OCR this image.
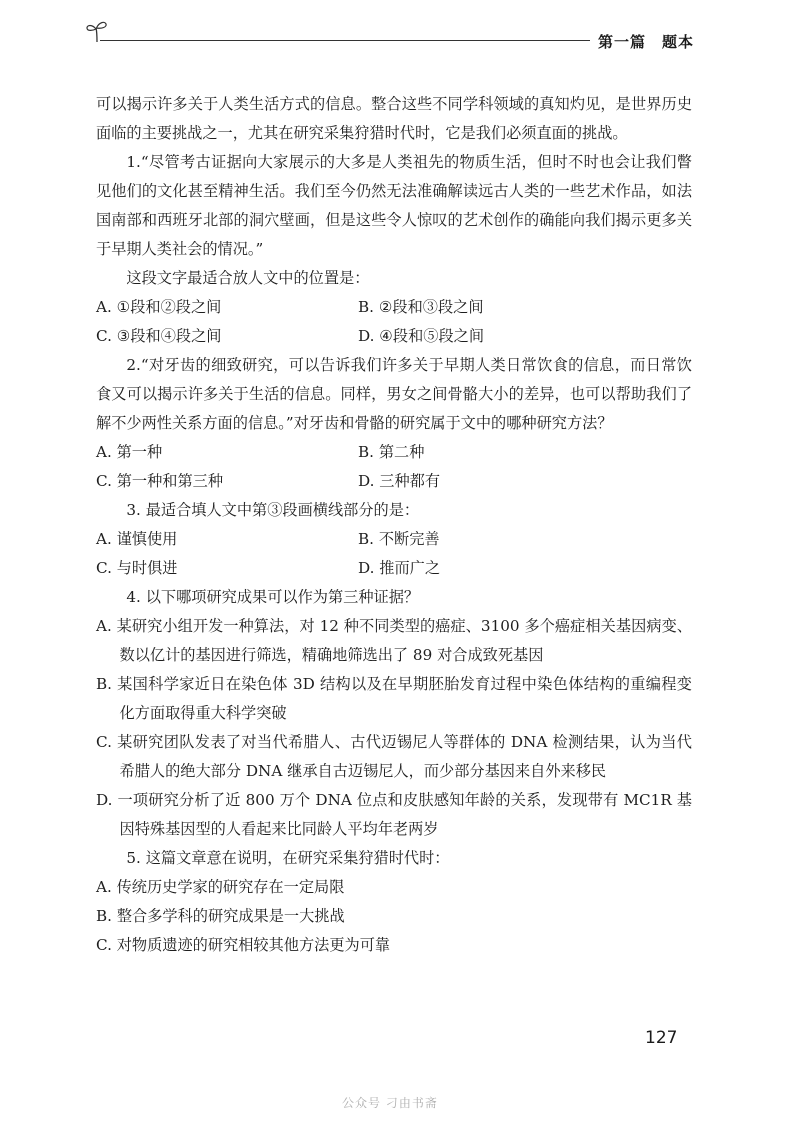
第一篇　题本

可以揭示许多关于人类生活方式的信息。整合这些不同学科领域的真知灼见，是世界历史面临的主要挑战之一，尤其在研究采集狩猎时代时，它是我们必须直面的挑战。

1.“尽管考古证据向大家展示的大多是人类祖先的物质生活，但时不时也会让我们瞥见他们的文化甚至精神生活。我们至今仍然无法准确解读远古人类的一些艺术作品，如法国南部和西班牙北部的洞穴壁画，但是这些令人惊叹的艺术创作的确能向我们揭示更多关于早期人类社会的情况。”

这段文字最适合放人文中的位置是：

A. ①段和②段之间	B. ②段和③段之间
C. ③段和④段之间	D. ④段和⑤段之间

2.“对牙齿的细致研究，可以告诉我们许多关于早期人类日常饮食的信息，而日常饮食又可以揭示许多关于生活的信息。同样，男女之间骨骼大小的差异，也可以帮助我们了解不少两性关系方面的信息。”对牙齿和骨骼的研究属于文中的哪种研究方法？

A. 第一种	B. 第二种
C. 第一种和第三种	D. 三种都有

3. 最适合填人文中第③段画横线部分的是：

A. 谨慎使用	B. 不断完善
C. 与时俱进	D. 推而广之

4. 以下哪项研究成果可以作为第三种证据？

A. 某研究小组开发一种算法，对 12 种不同类型的癌症、3100 多个癌症相关基因病变、数以亿计的基因进行筛选，精确地筛选出了 89 对合成致死基因

B. 某国科学家近日在染色体 3D 结构以及在早期胚胎发育过程中染色体结构的重编程变化方面取得重大科学突破

C. 某研究团队发表了对当代希腊人、古代迈锡尼人等群体的 DNA 检测结果，认为当代希腊人的绝大部分 DNA 继承自古迈锡尼人，而少部分基因来自外来移民

D. 一项研究分析了近 800 万个 DNA 位点和皮肤感知年龄的关系，发现带有 MC1R 基因特殊基因型的人看起来比同龄人平均年老两岁

5. 这篇文章意在说明，在研究采集狩猎时代时：

A. 传统历史学家的研究存在一定局限

B. 整合多学科的研究成果是一大挑战

C. 对物质遗迹的研究相较其他方法更为可靠

127
公众号 刁由书斋
